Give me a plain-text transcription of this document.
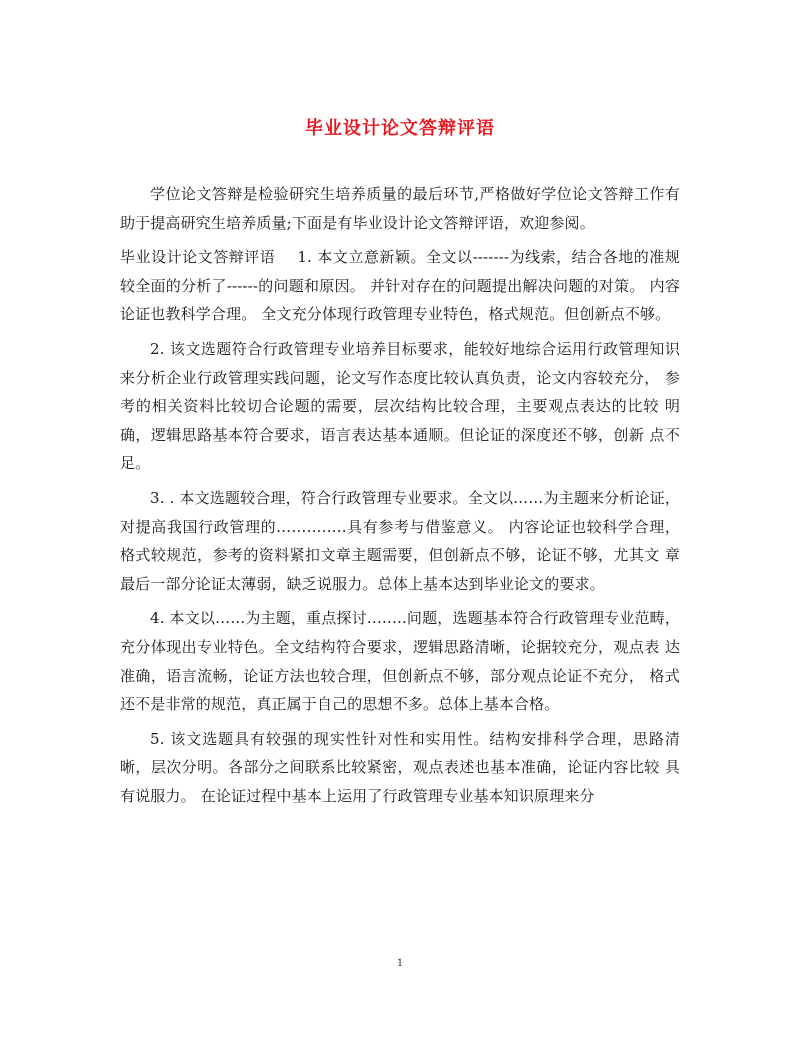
毕业设计论文答辩评语

学位论文答辩是检验研究生培养质量的最后环节,严格做好学位论文答辩工作有助于提高研究生培养质量;下面是有毕业设计论文答辩评语，欢迎参阅。

毕业设计论文答辩评语 1. 本文立意新颖。全文以-------为线索，结合各地的准规较全面的分析了------的问题和原因。 并针对存在的问题提出解决问题的对策。 内容论证也教科学合理。 全文充分体现行政管理专业特色，格式规范。但创新点不够。

2. 该文选题符合行政管理专业培养目标要求，能较好地综合运用行政管理知识 来分析企业行政管理实践问题，论文写作态度比较认真负责，论文内容较充分， 参考的相关资料比较切合论题的需要，层次结构比较合理，主要观点表达的比较 明确，逻辑思路基本符合要求，语言表达基本通顺。但论证的深度还不够，创新 点不足。

3. . 本文选题较合理，符合行政管理专业要求。全文以……为主题来分析论证， 对提高我国行政管理的…………..具有参考与借鉴意义。 内容论证也较科学合理， 格式较规范，参考的资料紧扣文章主题需要，但创新点不够，论证不够，尤其文 章最后一部分论证太薄弱，缺乏说服力。总体上基本达到毕业论文的要求。

4. 本文以……为主题，重点探讨……..问题，选题基本符合行政管理专业范畴， 充分体现出专业特色。全文结构符合要求，逻辑思路清晰，论据较充分，观点表 达准确，语言流畅，论证方法也较合理，但创新点不够，部分观点论证不充分， 格式还不是非常的规范，真正属于自己的思想不多。总体上基本合格。

5. 该文选题具有较强的现实性针对性和实用性。结构安排科学合理，思路清 晰，层次分明。各部分之间联系比较紧密，观点表述也基本准确，论证内容比较 具有说服力。 在论证过程中基本上运用了行政管理专业基本知识原理来分

1
